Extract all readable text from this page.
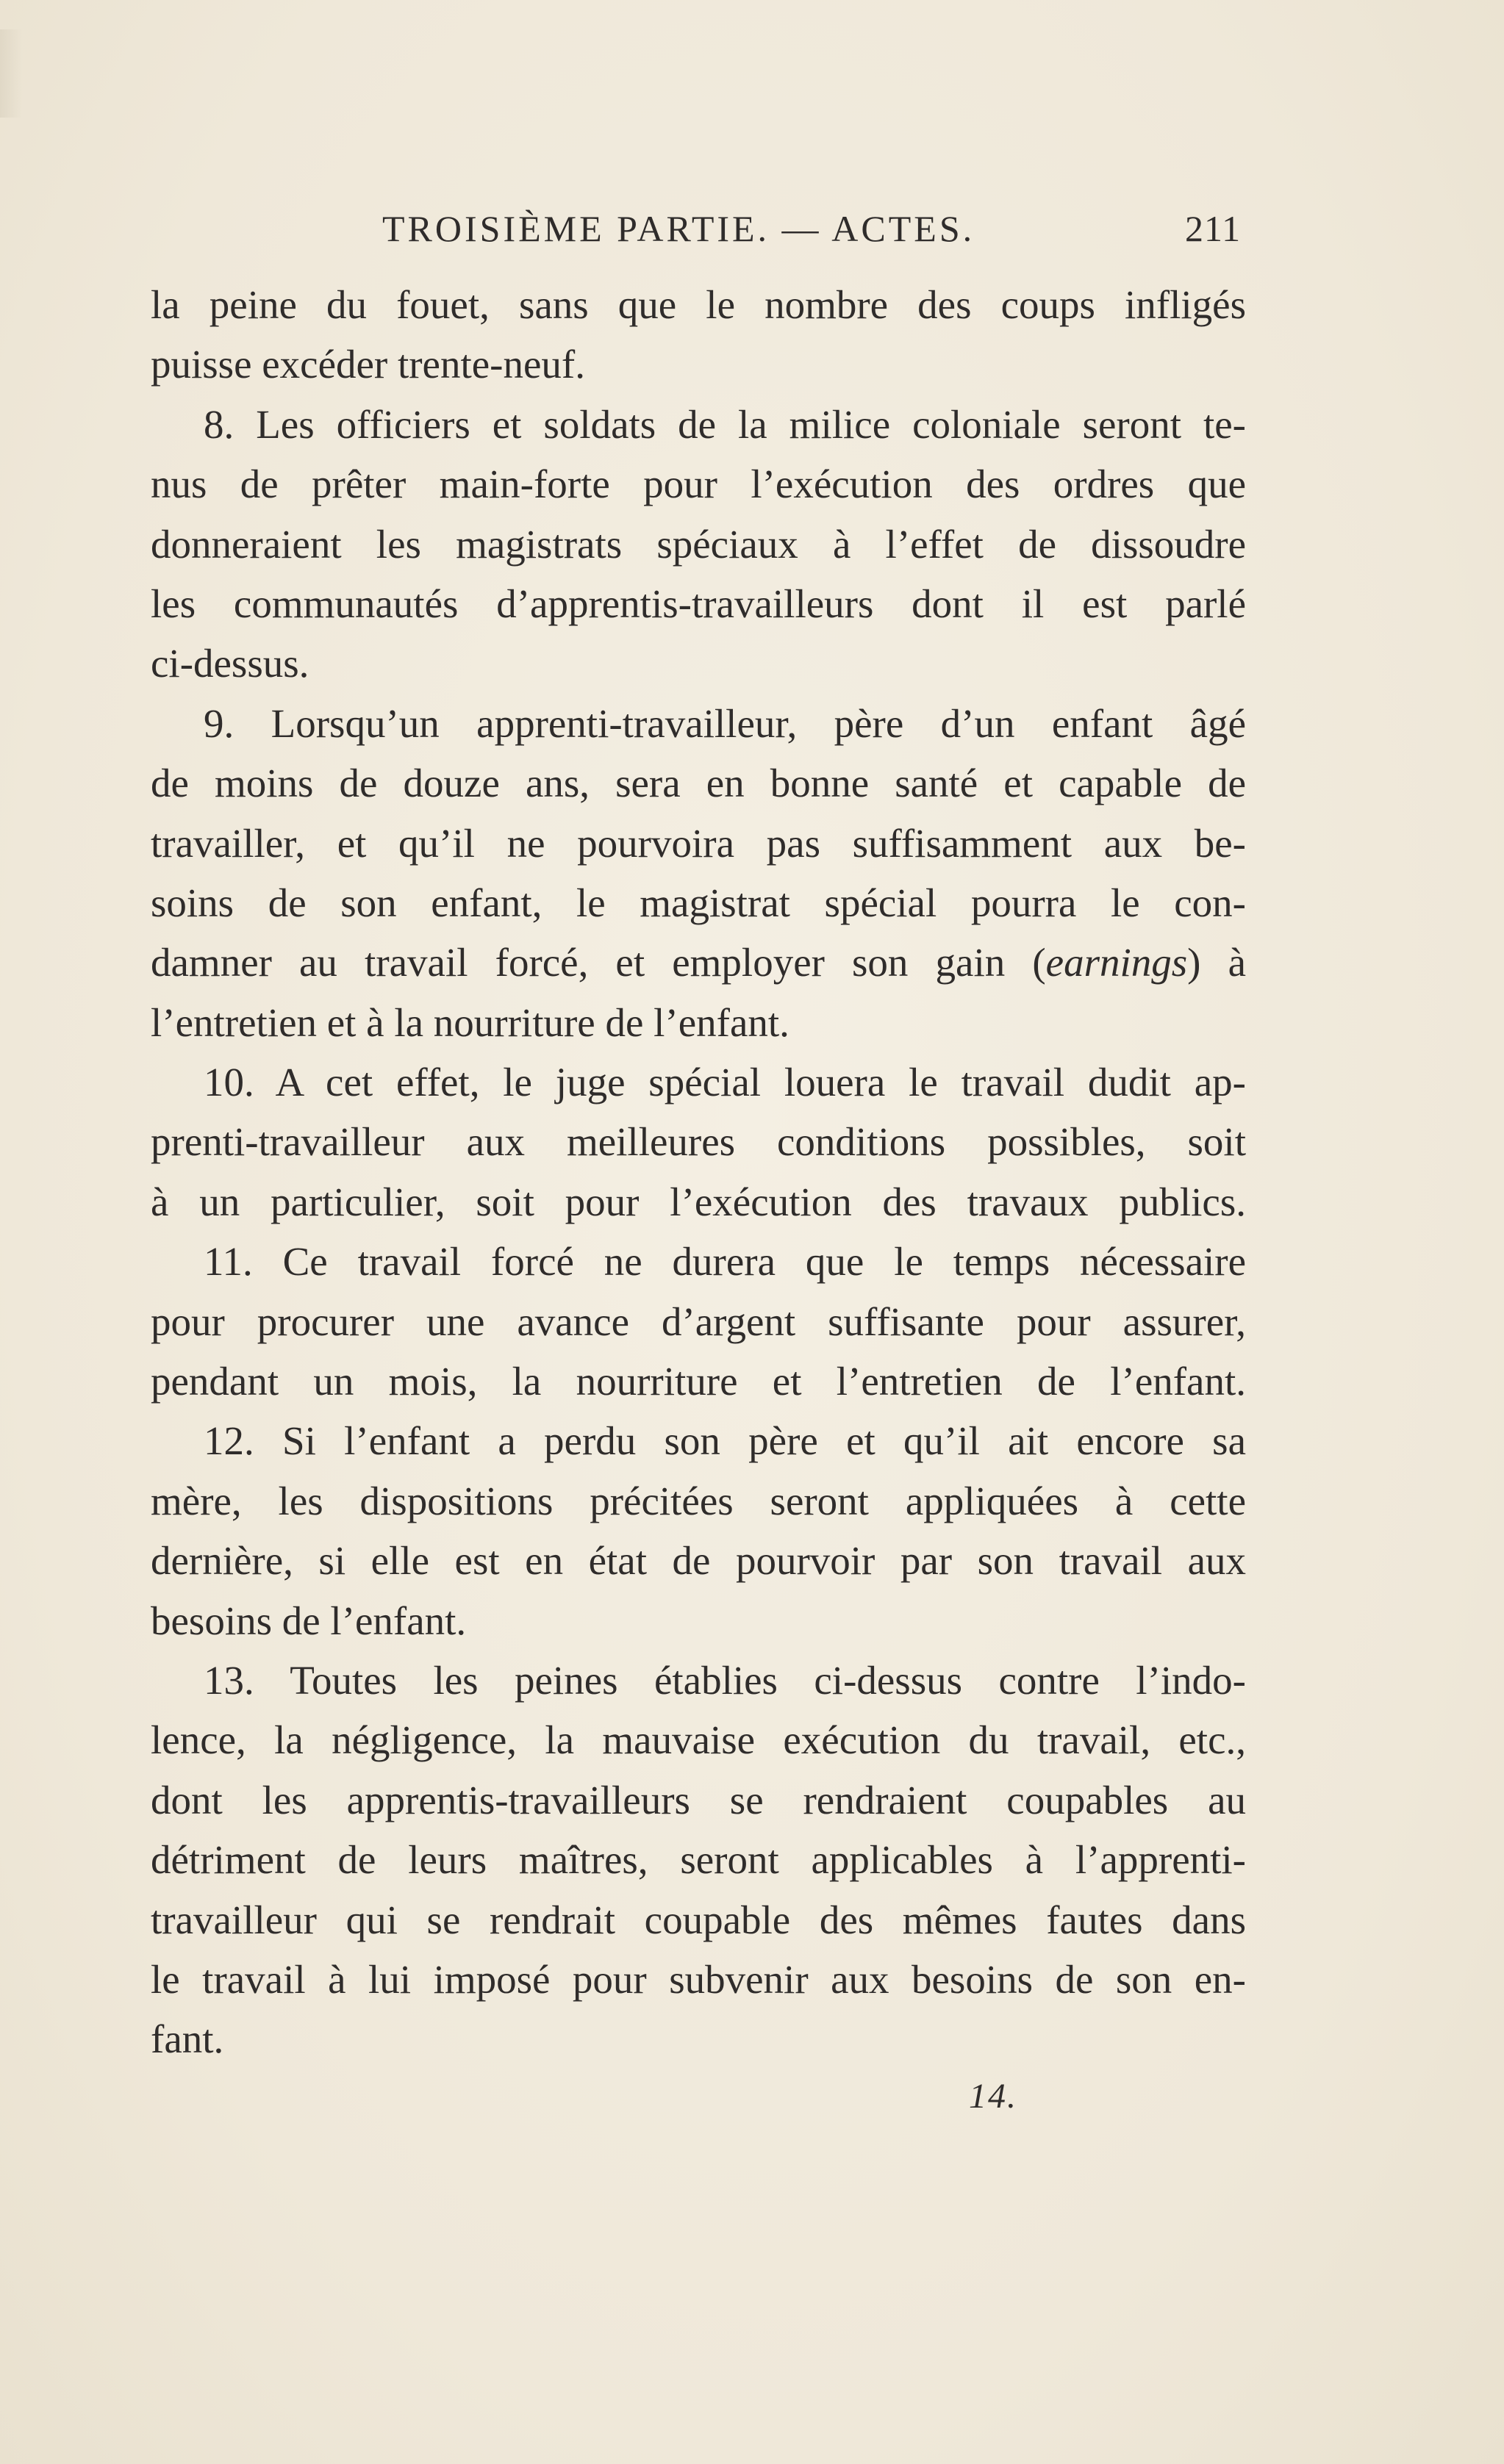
TROISIÈME PARTIE. — ACTES.	211
la peine du fouet, sans que le nombre des coups infligés
puisse excéder trente-neuf.
8. Les officiers et soldats de la milice coloniale seront te-
nus de prêter main-forte pour l’exécution des ordres que
donneraient les magistrats spéciaux à l’effet de dissoudre
les communautés d’apprentis-travailleurs dont il est parlé
ci-dessus.
9. Lorsqu’un apprenti-travailleur, père d’un enfant âgé
de moins de douze ans, sera en bonne santé et capable de
travailler, et qu’il ne pourvoira pas suffisamment aux be-
soins de son enfant, le magistrat spécial pourra le con-
damner au travail forcé, et employer son gain (earnings) à
l’entretien et à la nourriture de l’enfant.
10. A cet effet, le juge spécial louera le travail dudit ap-
prenti-travailleur aux meilleures conditions possibles, soit
à un particulier, soit pour l’exécution des travaux publics.
11. Ce travail forcé ne durera que le temps nécessaire
pour procurer une avance d’argent suffisante pour assurer,
pendant un mois, la nourriture et l’entretien de l’enfant.
12. Si l’enfant a perdu son père et qu’il ait encore sa
mère, les dispositions précitées seront appliquées à cette
dernière, si elle est en état de pourvoir par son travail aux
besoins de l’enfant.
13. Toutes les peines établies ci-dessus contre l’indo-
lence, la négligence, la mauvaise exécution du travail, etc.,
dont les apprentis-travailleurs se rendraient coupables au
détriment de leurs maîtres, seront applicables à l’apprenti-
travailleur qui se rendrait coupable des mêmes fautes dans
le travail à lui imposé pour subvenir aux besoins de son en-
fant.
14.
